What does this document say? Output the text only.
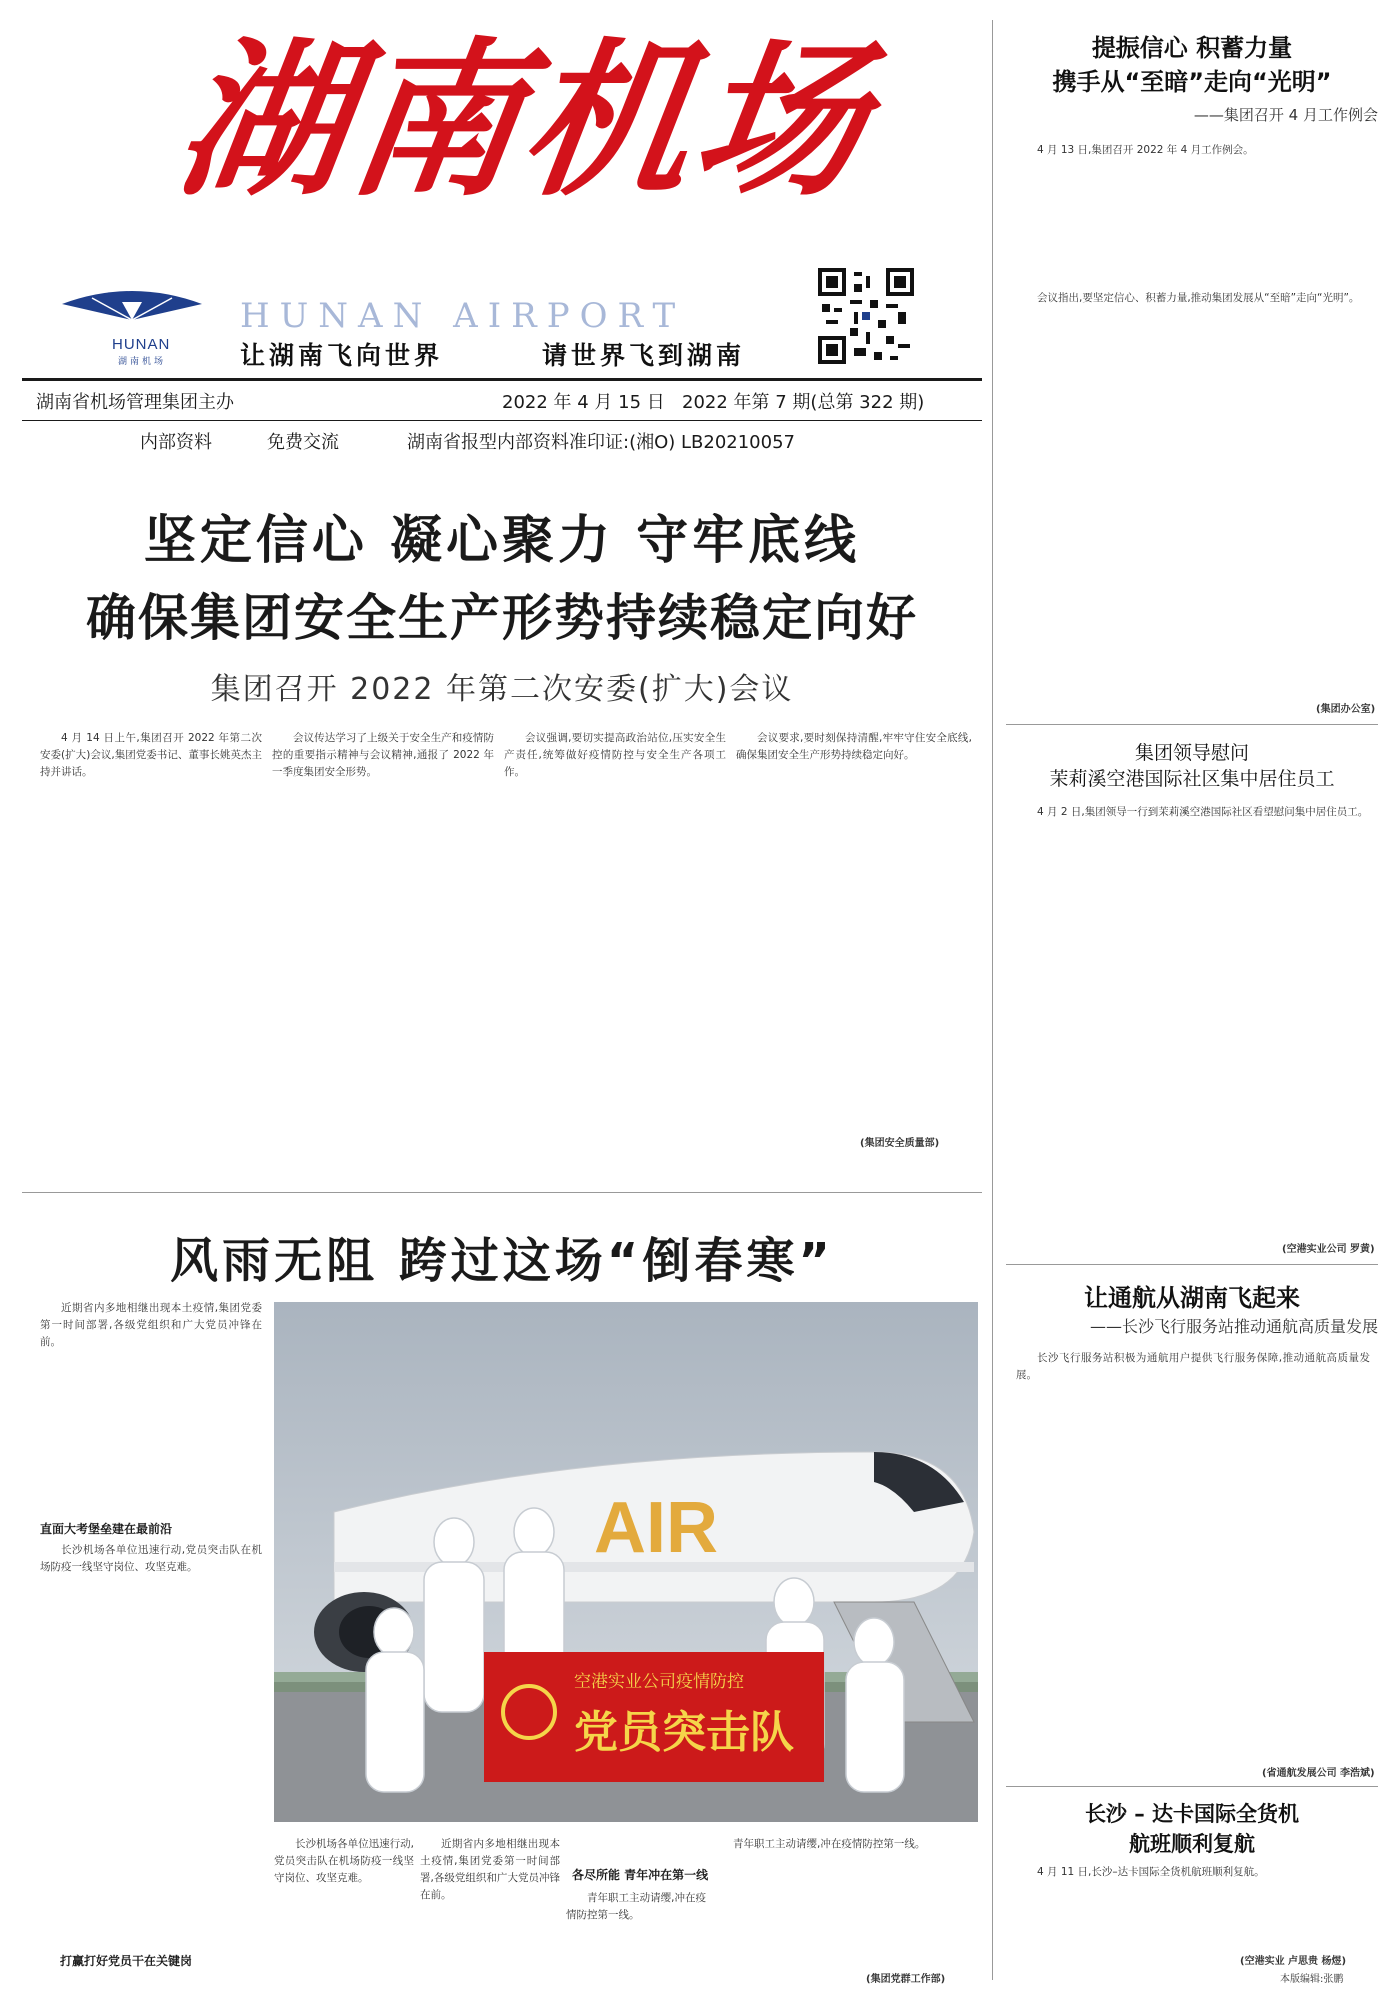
湖南机场
HUNAN
湖南机场
HUNAN AIRPORT
让湖南飞向世界	请世界飞到湖南
湖南省机场管理集团主办	2022 年 4 月 15 日 2022 年第 7 期(总第 322 期)
内部资料	免费交流	湖南省报型内部资料准印证:(湘O) LB20210057
坚定信心 凝心聚力 守牢底线
确保集团安全生产形势持续稳定向好
集团召开 2022 年第二次安委(扩大)会议
4 月 14 日上午,集团召开 2022 年第二次安委(扩大)会议,集团党委书记、董事长姚英杰主持并讲话。
会议传达学习了上级关于安全生产和疫情防控的重要指示精神与会议精神,通报了 2022 年一季度集团安全形势。
会议强调,要切实提高政治站位,压实安全生产责任,统筹做好疫情防控与安全生产各项工作。
会议要求,要时刻保持清醒,牢牢守住安全底线,确保集团安全生产形势持续稳定向好。
(集团安全质量部)
风雨无阻 跨过这场“倒春寒”
近期省内多地相继出现本土疫情,集团党委第一时间部署,各级党组织和广大党员冲锋在前。
直面大考堡垒建在最前沿
长沙机场各单位迅速行动,党员突击队在机场防疫一线坚守岗位、攻坚克难。
打赢打好党员干在关键岗
AIR
空港实业公司疫情防控
党员突击队
长沙机场各单位迅速行动,党员突击队在机场防疫一线坚守岗位、攻坚克难。
近期省内多地相继出现本土疫情,集团党委第一时间部署,各级党组织和广大党员冲锋在前。	青年职工主动请缨,冲在疫情防控第一线。
各尽所能 青年冲在第一线
青年职工主动请缨,冲在疫情防控第一线。
(集团党群工作部)
提振信心 积蓄力量
携手从“至暗”走向“光明”
——集团召开 4 月工作例会
4 月 13 日,集团召开 2022 年 4 月工作例会。
会议指出,要坚定信心、积蓄力量,推动集团发展从“至暗”走向“光明”。
(集团办公室)
集团领导慰问
茉莉溪空港国际社区集中居住员工
4 月 2 日,集团领导一行到茉莉溪空港国际社区看望慰问集中居住员工。
(空港实业公司 罗黄)
让通航从湖南飞起来
——长沙飞行服务站推动通航高质量发展
长沙飞行服务站积极为通航用户提供飞行服务保障,推动通航高质量发展。
(省通航发展公司 李浩斌)
长沙 – 达卡国际全货机
航班顺利复航
4 月 11 日,长沙–达卡国际全货机航班顺利复航。
(空港实业 卢思贵 杨煜)
本版编辑:张鹏
